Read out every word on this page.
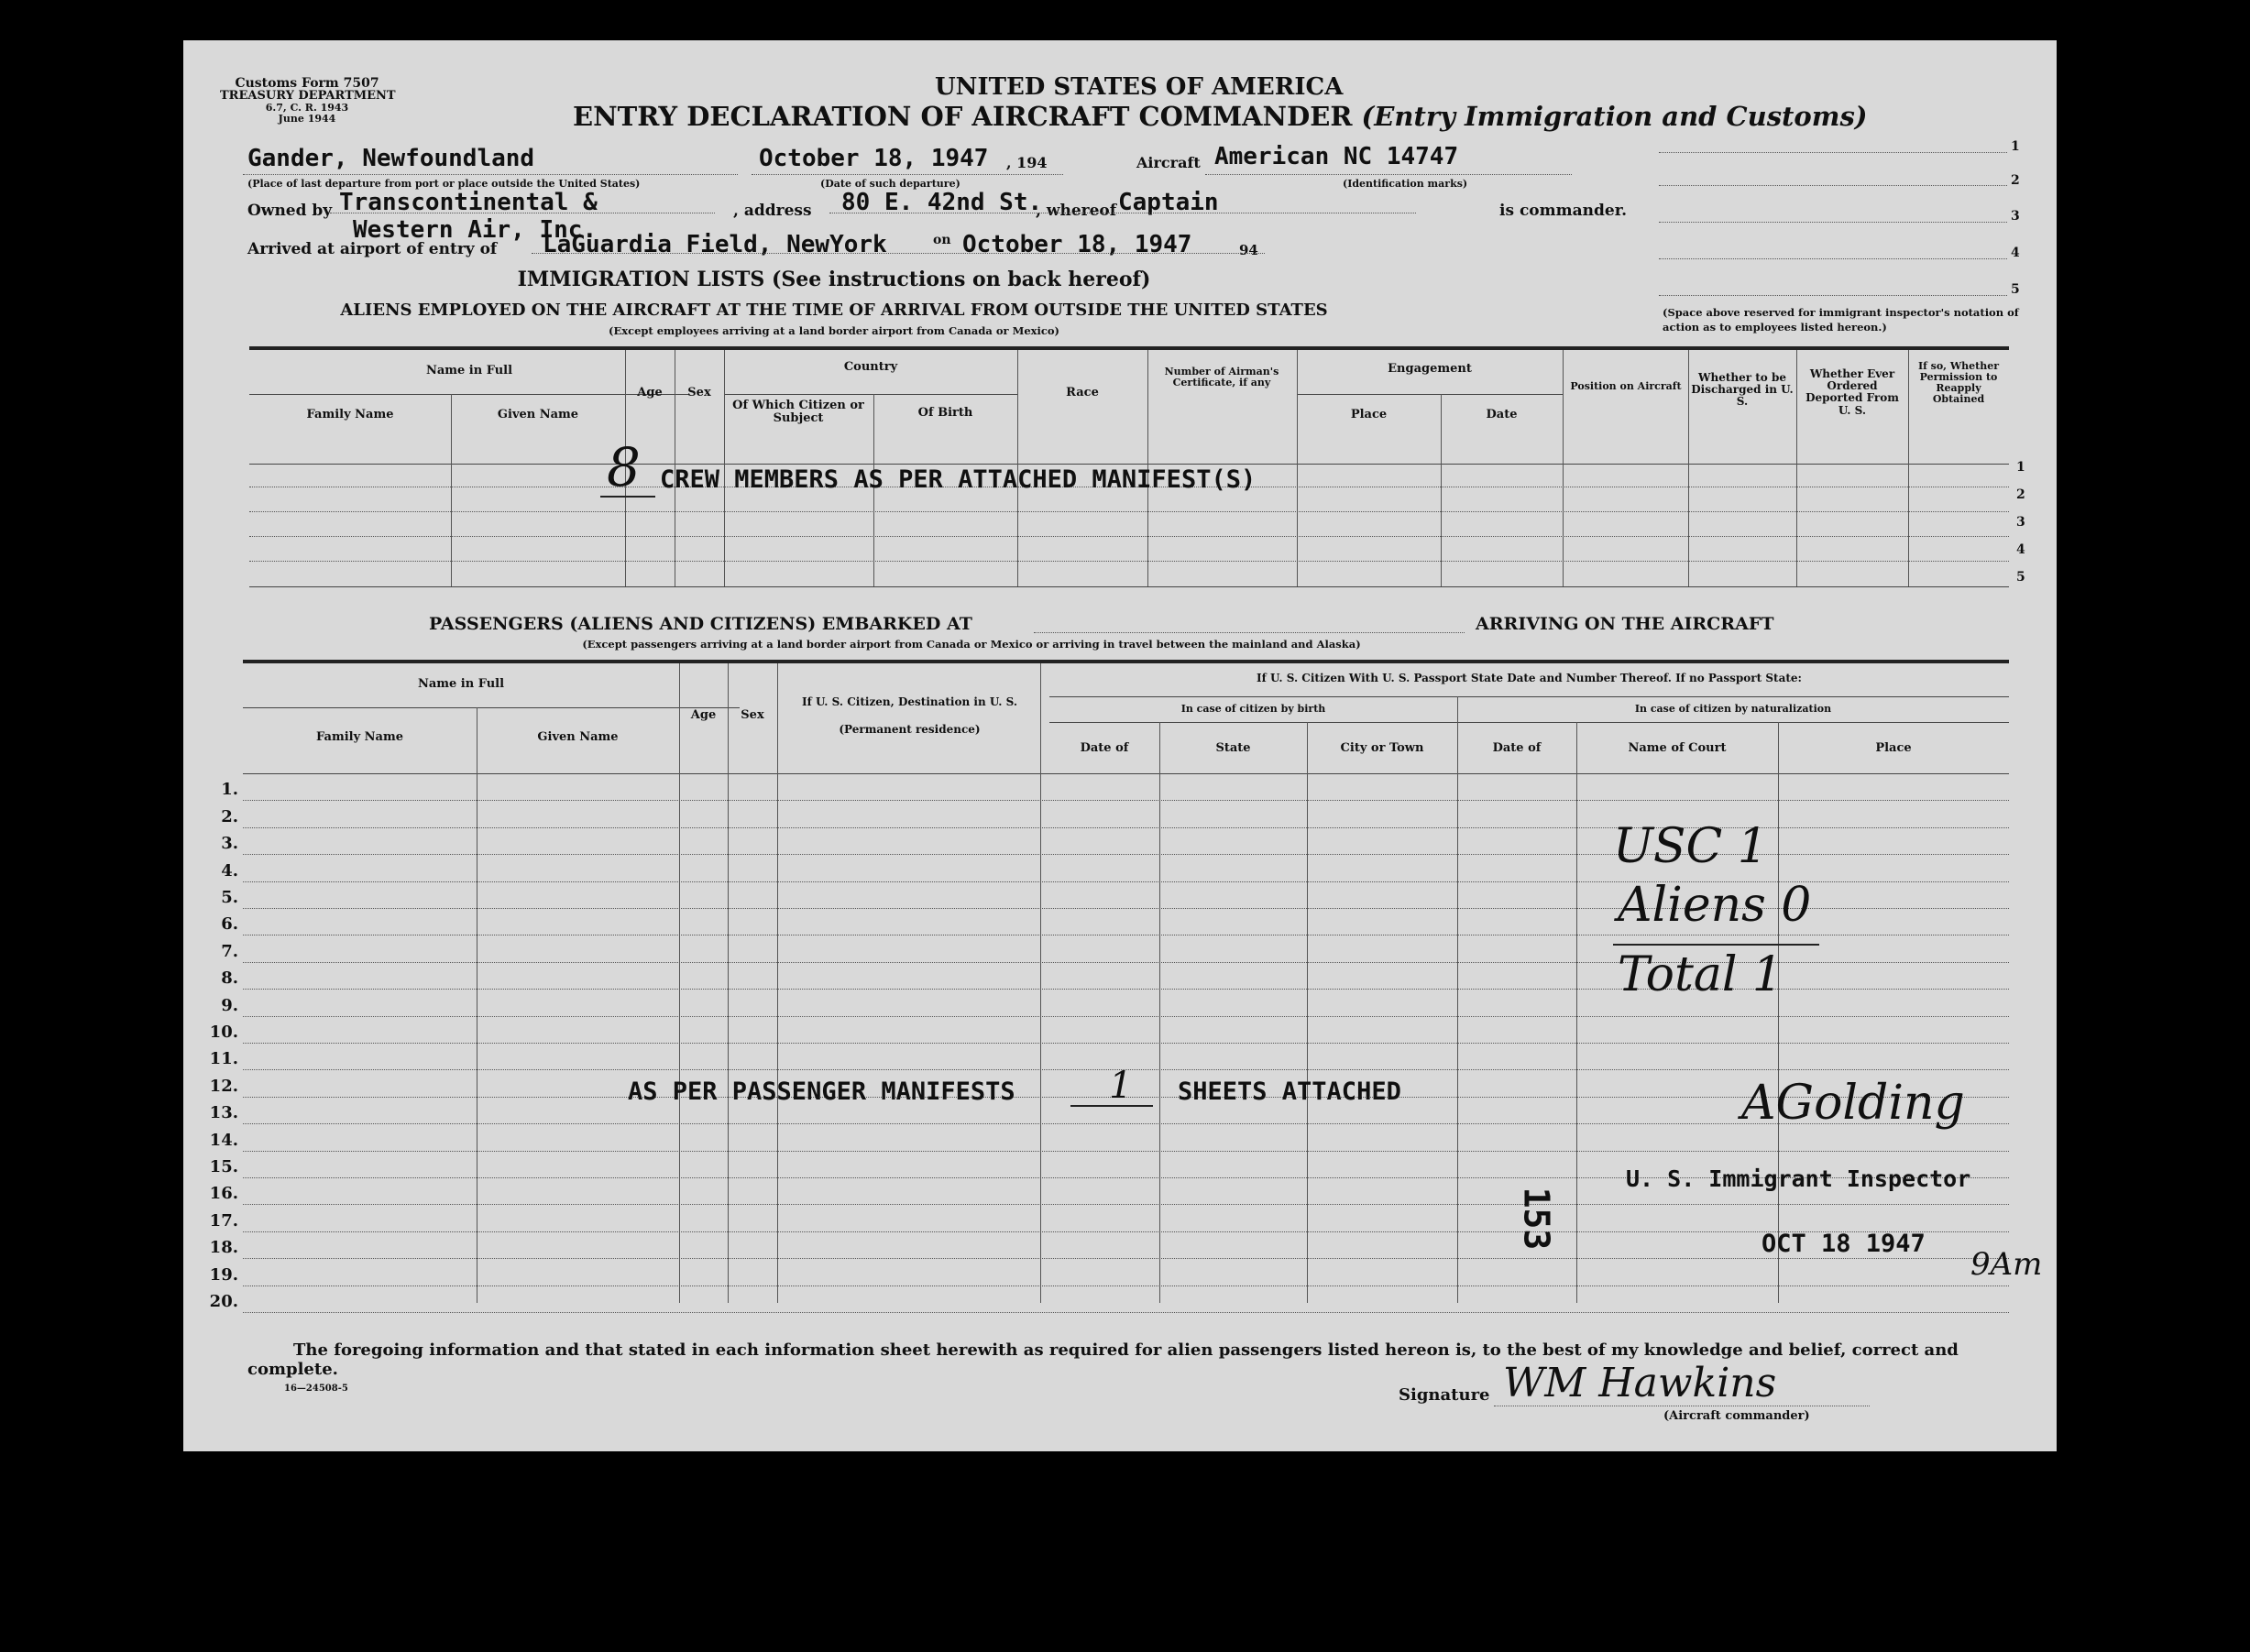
Customs Form 7507
TREASURY DEPARTMENT
6.7, C. R. 1943
June 1944
UNITED STATES OF AMERICA
ENTRY DECLARATION OF AIRCRAFT COMMANDER (Entry Immigration and Customs)
1
2
3
4
5
(Space above reserved for immigrant inspector's notation of action as to employees listed hereon.)
Gander, Newfoundland
(Place of last departure from port or place outside the United States)
October 18, 1947 , 194
(Date of such departure)
Aircraft American NC 14747
(Identification marks)
Owned by Transcontinental &
Western Air, Inc.
, address 80 E. 42nd St.
, whereof Captain	is commander.
Arrived at airport of entry of LaGuardia Field, NewYork	on October 18, 1947	94
IMMIGRATION LISTS (See instructions on back hereof)
ALIENS EMPLOYED ON THE AIRCRAFT AT THE TIME OF ARRIVAL FROM OUTSIDE THE UNITED STATES
(Except employees arriving at a land border airport from Canada or Mexico)
Name in Full
Family Name	Given Name
Age	Sex
Country
Of Which Citizen or Subject	Of Birth
Race
Number of Airman's Certificate, if any
Engagement
Place	Date
Position on Aircraft
Whether to be Discharged in U. S.
Whether Ever Ordered Deported From U. S.
If so, Whether Permission to Reapply Obtained
1
2
3
4
5
8 CREW MEMBERS AS PER ATTACHED MANIFEST(S)
PASSENGERS (ALIENS AND CITIZENS) EMBARKED AT	ARRIVING ON THE AIRCRAFT
(Except passengers arriving at a land border airport from Canada or Mexico or arriving in travel between the mainland and Alaska)
1.
2.
3.
4.
5.
6.
7.
8.
9.
10.
11.
12.
13.
14.
15.
16.
17.
18.
19.
20.
Name in Full
Family Name	Given Name
Age	Sex
If U. S. Citizen, Destination in U. S.
(Permanent residence)
If U. S. Citizen With U. S. Passport State Date and Number Thereof. If no Passport State:
In case of citizen by birth	In case of citizen by naturalization
Date of	State	City or Town	Date of	Name of Court	Place
AS PER PASSENGER MANIFESTS	1 SHEETS ATTACHED
USC 1
Aliens 0
Total 1
AGolding
U. S. Immigrant Inspector
OCT 18 1947
9Am
153
The foregoing information and that stated in each information sheet herewith as required for alien passengers listed hereon is, to the best of my knowledge and belief, correct and complete.
16—24508-5	Signature WM Hawkins
(Aircraft commander)
